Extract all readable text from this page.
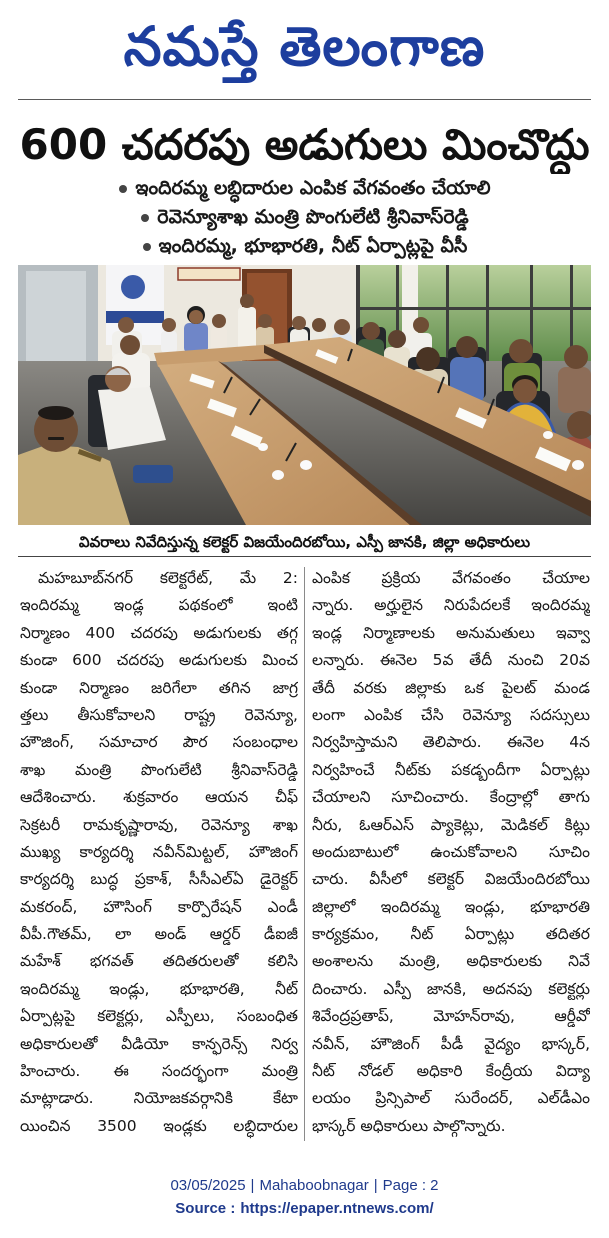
నమస్తే తెలంగాణ
600 చదరపు అడుగులు మించొద్దు
ఇందిరమ్మ లబ్ధిదారుల ఎంపిక వేగవంతం చేయాలి
రెవెన్యూశాఖ మంత్రి పొంగులేటి శ్రీనివాస్‌రెడ్డి
ఇందిరమ్మ, భూభారతి, నీట్ ఏర్పాట్లపై వీసీ
వివరాలు నివేదిస్తున్న కలెక్టర్ విజయేందిరబోయి, ఎస్పీ జానకి, జిల్లా అధికారులు
మహబూబ్‌నగర్ కలెక్టరేట్, మే 2:
ఇందిరమ్మ ఇండ్ల పథకంలో ఇంటి
నిర్మాణం 400 చదరపు అడుగులకు తగ్గ
కుండా 600 చదరపు అడుగులకు మించ
కుండా నిర్మాణం జరిగేలా తగిన జాగ్ర
త్తలు తీసుకోవాలని రాష్ట్ర రెవెన్యూ,
హౌజింగ్, సమాచార పౌర సంబంధాల
శాఖ మంత్రి పొంగులేటి శ్రీనివాస్‌రెడ్డి
ఆదేశించారు. శుక్రవారం ఆయన చీఫ్
సెక్రటరీ రామకృష్ణారావు, రెవెన్యూ శాఖ
ముఖ్య కార్యదర్శి నవీన్‌మిట్టల్, హౌజింగ్
కార్యదర్శి బుద్ధ ప్రకాశ్, సీసీఎల్ఏ డైరెక్టర్
మకరంద్, హౌసింగ్ కార్పొరేషన్ ఎండీ
వీపీ.గౌతమ్, లా అండ్ ఆర్డర్ డీఐజీ
మహేశ్ భగవత్ తదితరులతో కలిసి
ఇందిరమ్మ ఇండ్లు, భూభారతి, నీట్
ఏర్పాట్లపై కలెక్టర్లు, ఎస్పీలు, సంబంధిత
అధికారులతో వీడియో కాన్ఫరెన్స్ నిర్వ
హించారు. ఈ సందర్భంగా మంత్రి
మాట్లాడారు. నియోజకవర్గానికి కేటా
యించిన 3500 ఇండ్లకు లబ్ధిదారుల
ఎంపిక ప్రక్రియ వేగవంతం చేయాల
న్నారు. అర్హులైన నిరుపేదలకే ఇందిరమ్మ
ఇండ్ల నిర్మాణాలకు అనుమతులు ఇవ్వా
లన్నారు. ఈనెల 5వ తేదీ నుంచి 20వ
తేదీ వరకు జిల్లాకు ఒక పైలట్ మండ
లంగా ఎంపిక చేసి రెవెన్యూ సదస్సులు
నిర్వహిస్తామని తెలిపారు. ఈనెల 4న
నిర్వహించే నీట్‌కు పకడ్బందీగా ఏర్పాట్లు
చేయాలని సూచించారు. కేంద్రాల్లో తాగు
నీరు, ఓఆర్ఎస్ ప్యాకెట్లు, మెడికల్ కిట్లు
అందుబాటులో ఉంచుకోవాలని సూచిం
చారు. వీసీలో కలెక్టర్ విజయేందిరబోయి
జిల్లాలో ఇందిరమ్మ ఇండ్లు, భూభారతి
కార్యక్రమం, నీట్ ఏర్పాట్లు తదితర
అంశాలను మంత్రి, అధికారులకు నివే
దించారు. ఎస్పీ జానకి, అదనపు కలెక్టర్లు
శివేంద్రప్రతాప్, మోహన్‌రావు, ఆర్డీవో
నవీన్, హౌజింగ్ పీడీ వైద్యం భాస్కర్,
నీట్ నోడల్ అధికారి కేంద్రీయ విద్యా
లయం ప్రిన్సిపాల్ సురేందర్, ఎల్‌డీఎం
భాస్కర్ అధికారులు పాల్గొన్నారు.
03/05/2025 | Mahaboobnagar | Page : 2
Source : https://epaper.ntnews.com/
